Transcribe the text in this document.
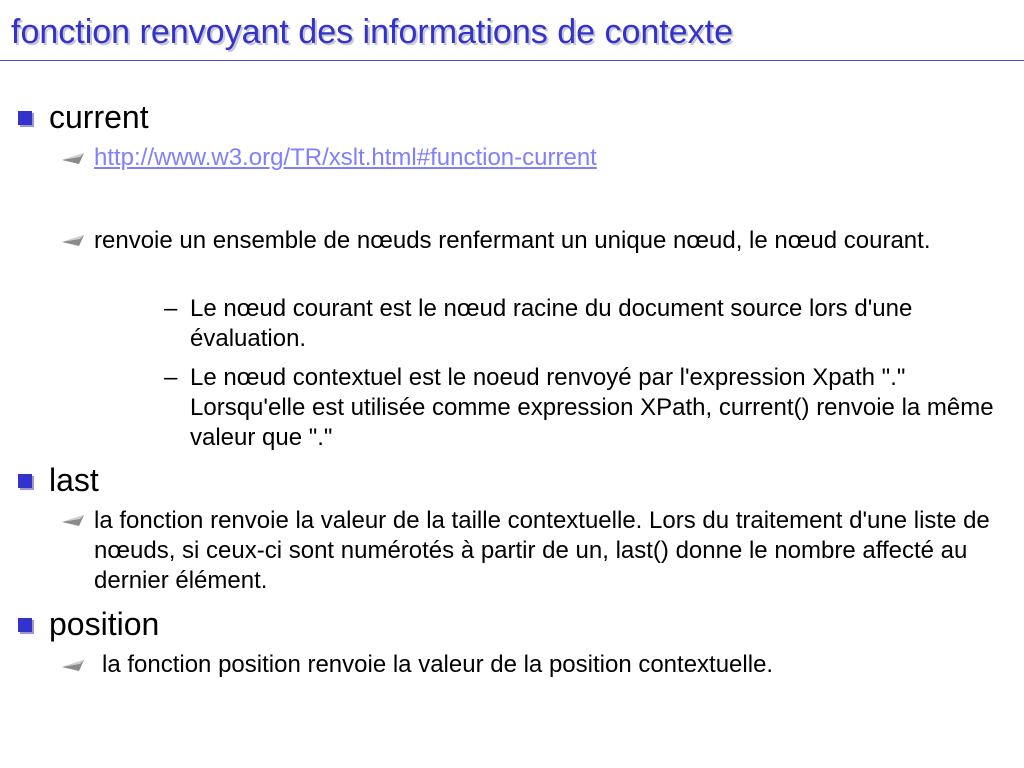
fonction renvoyant des informations de contexte
current
http://www.w3.org/TR/xslt.html#function-current
renvoie un ensemble de nœuds renfermant un unique nœud, le nœud courant.
– Le nœud courant est le nœud racine du document source lors d'une évaluation.
– Le nœud contextuel est le noeud renvoyé par l'expression Xpath "." Lorsqu'elle est utilisée comme expression XPath, current() renvoie la même valeur que "."
last
la fonction renvoie la valeur de la taille contextuelle. Lors du traitement d'une liste de nœuds, si ceux-ci sont numérotés à partir de un, last() donne le nombre affecté au dernier élément.
position
la fonction position renvoie la valeur de la position contextuelle.
